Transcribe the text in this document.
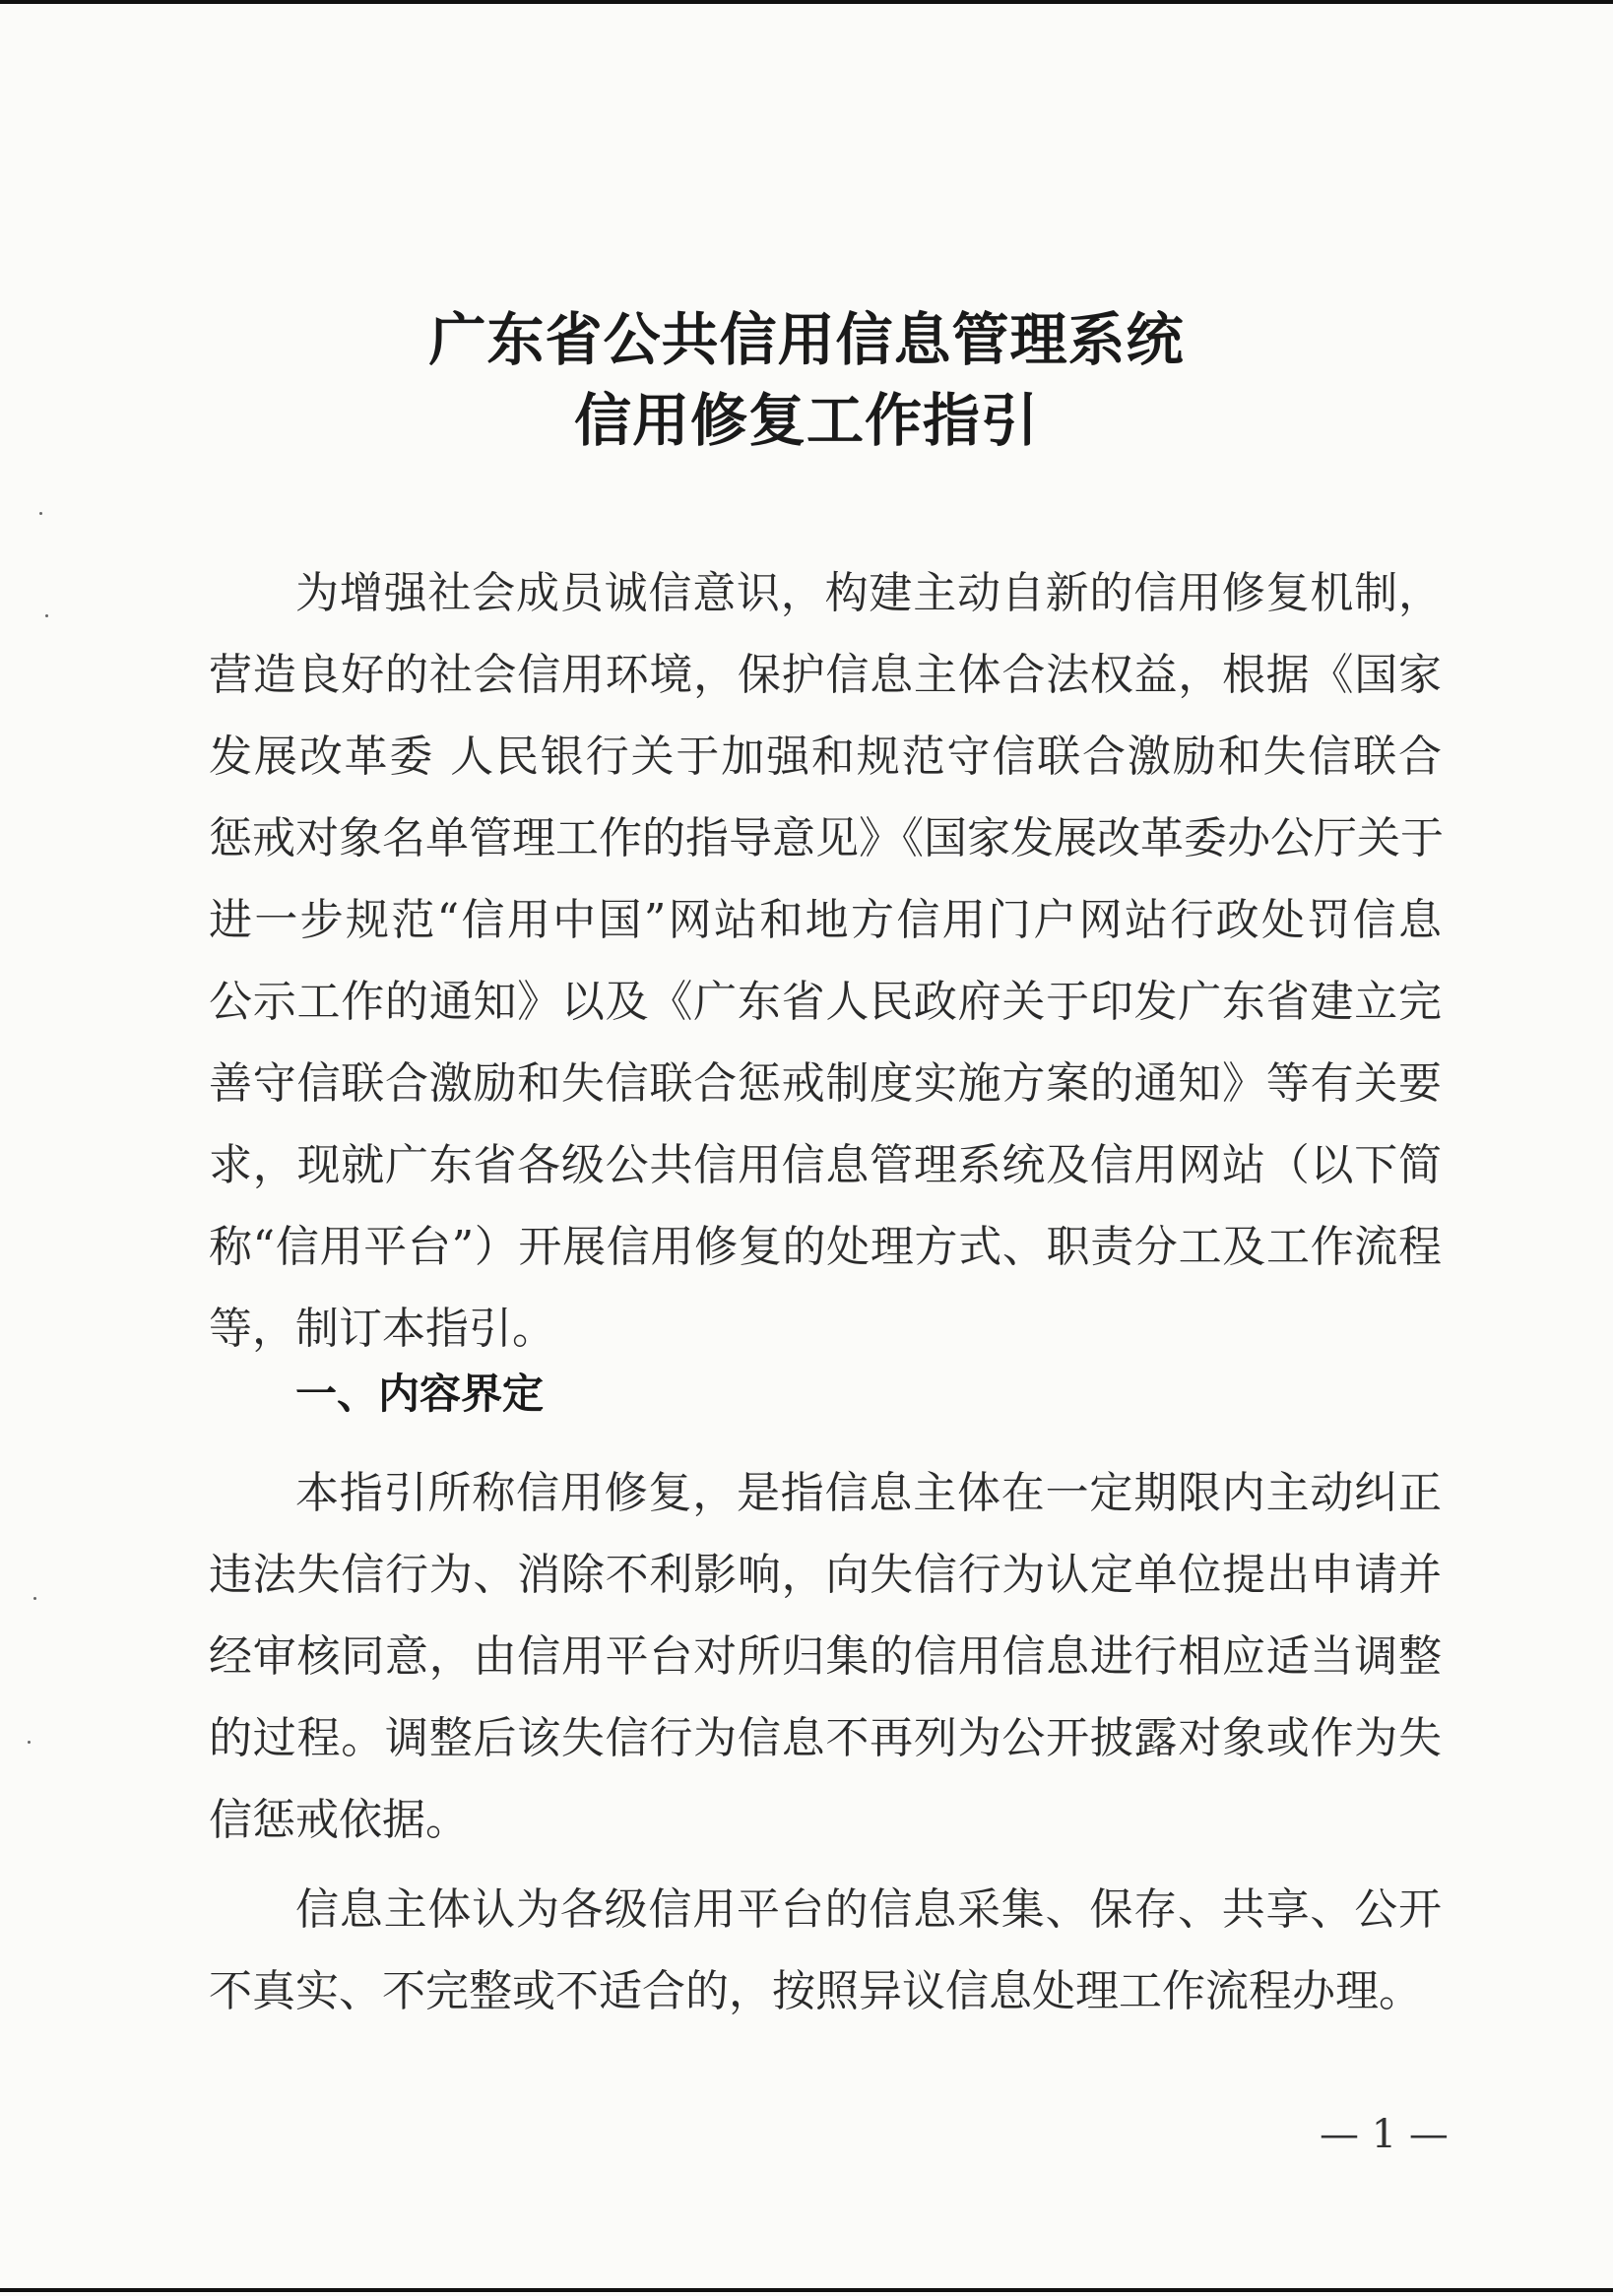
广东省公共信用信息管理系统
信用修复工作指引
为增强社会成员诚信意识，构建主动自新的信用修复机制，
营造良好的社会信用环境，保护信息主体合法权益，根据《国家
发展改革委 人民银行关于加强和规范守信联合激励和失信联合
惩戒对象名单管理工作的指导意见》《国家发展改革委办公厅关于
进一步规范“信用中国”网站和地方信用门户网站行政处罚信息
公示工作的通知》以及《广东省人民政府关于印发广东省建立完
善守信联合激励和失信联合惩戒制度实施方案的通知》等有关要
求，现就广东省各级公共信用信息管理系统及信用网站（以下简
称“信用平台”）开展信用修复的处理方式、职责分工及工作流程
等，制订本指引。
一、内容界定
本指引所称信用修复，是指信息主体在一定期限内主动纠正
违法失信行为、消除不利影响，向失信行为认定单位提出申请并
经审核同意，由信用平台对所归集的信用信息进行相应适当调整
的过程。调整后该失信行为信息不再列为公开披露对象或作为失
信惩戒依据。
信息主体认为各级信用平台的信息采集、保存、共享、公开
不真实、不完整或不适合的，按照异议信息处理工作流程办理。
— 1 —
